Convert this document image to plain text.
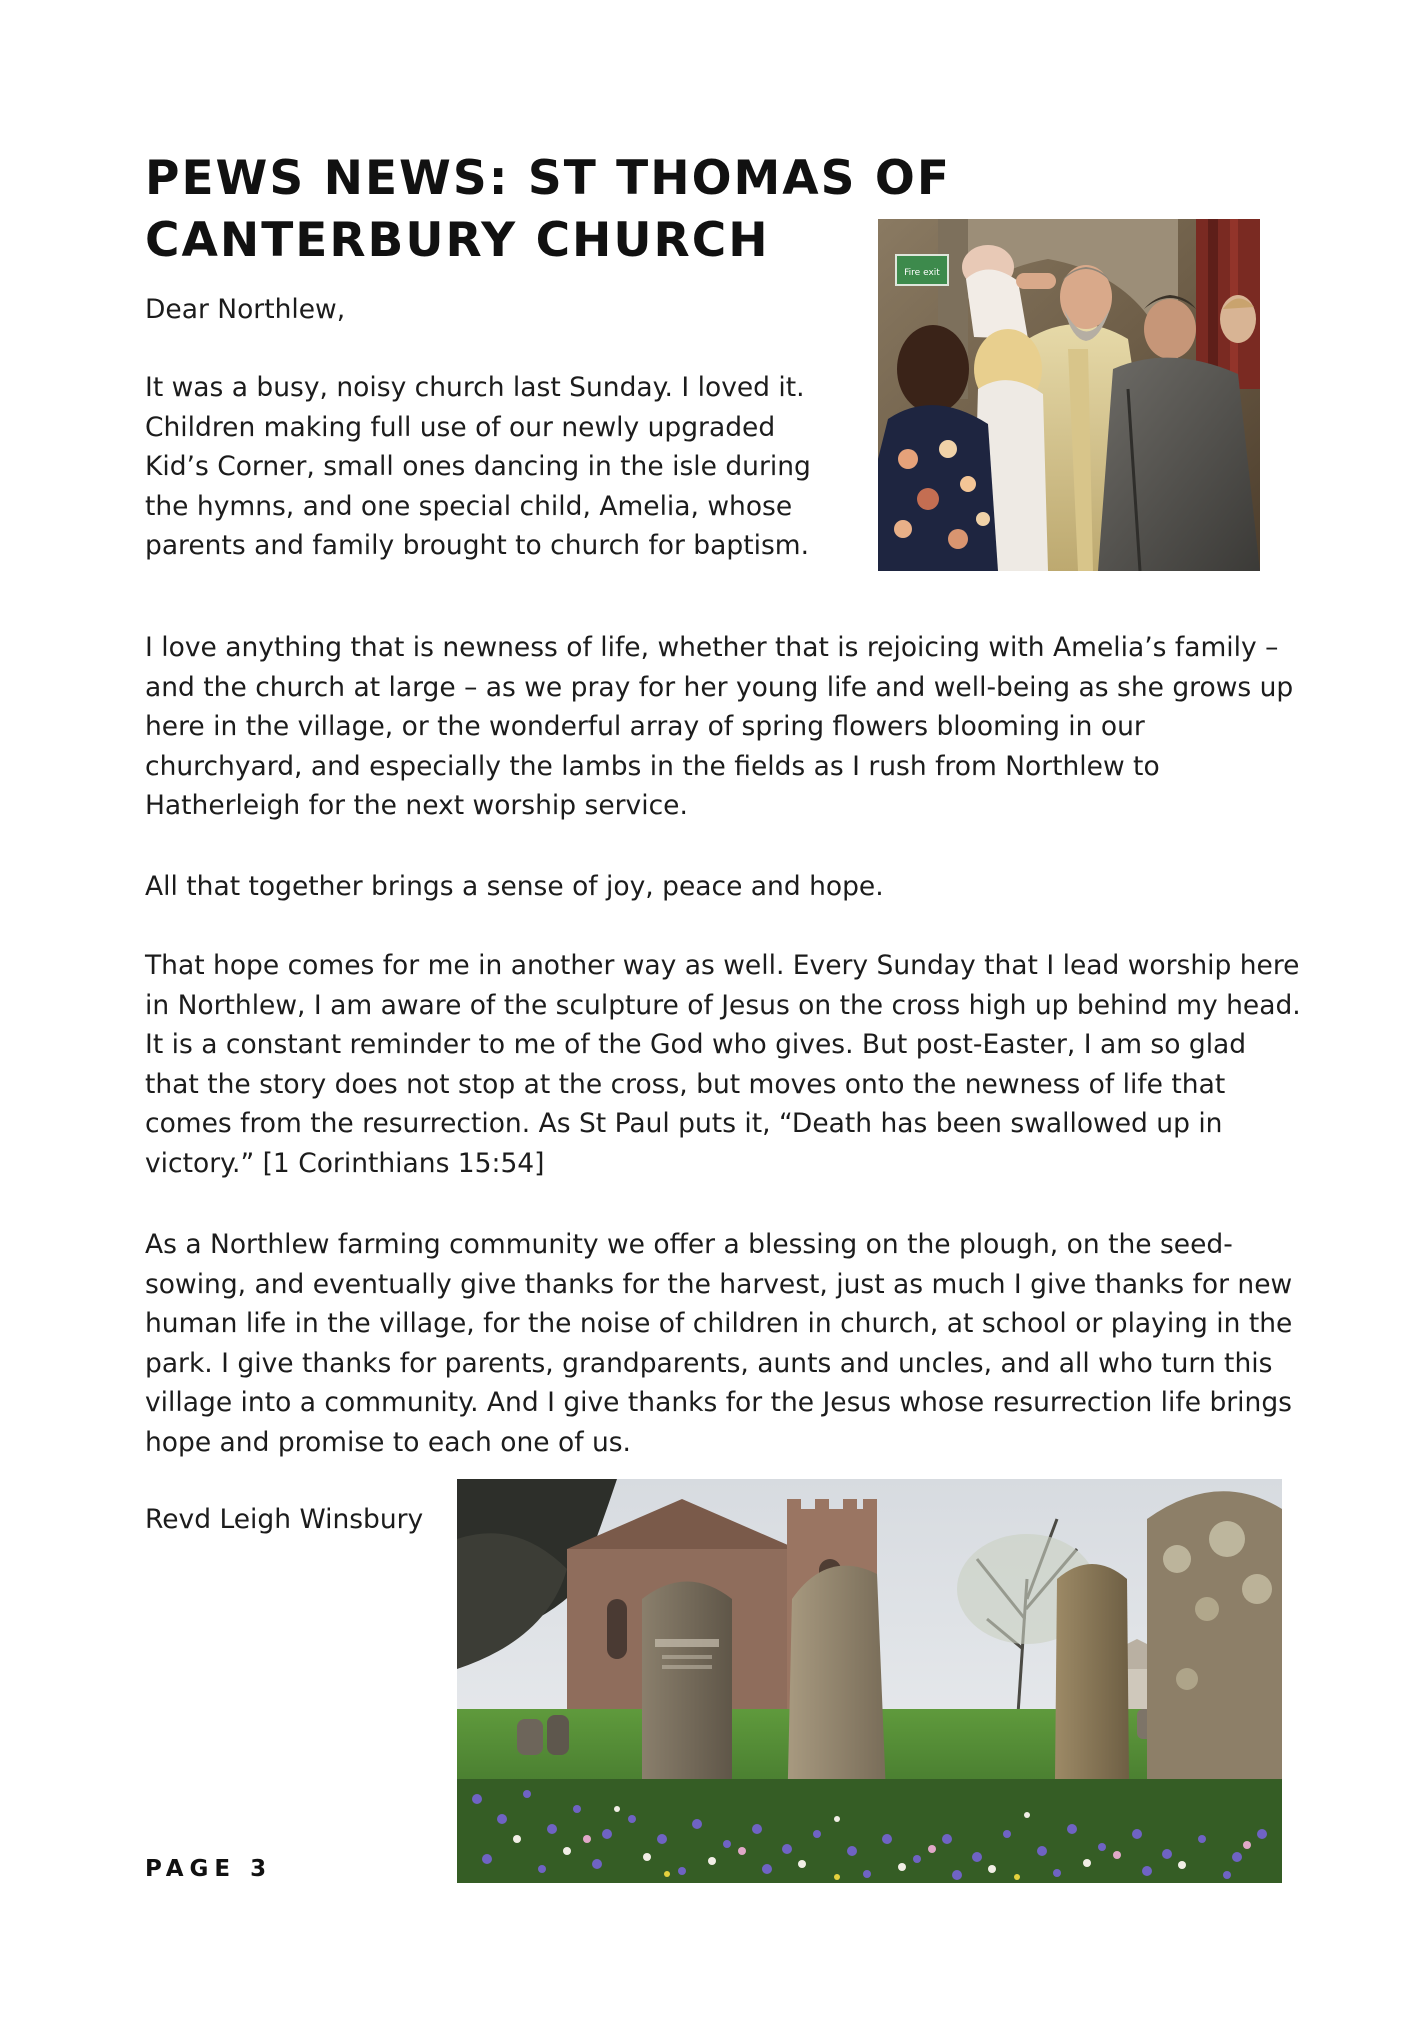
PEWS NEWS: ST THOMAS OF CANTERBURY CHURCH
Fire exit

Dear Northlew,

It was a busy, noisy church last Sunday. I loved it. Children making full use of our newly upgraded Kid’s Corner, small ones dancing in the isle during the hymns, and one special child, Amelia, whose parents and family brought to church for baptism.

I love anything that is newness of life, whether that is rejoicing with Amelia’s family – and the church at large – as we pray for her young life and well-being as she grows up here in the village, or the wonderful array of spring flowers blooming in our churchyard, and especially the lambs in the fields as I rush from Northlew to Hatherleigh for the next worship service.

All that together brings a sense of joy, peace and hope.

That hope comes for me in another way as well. Every Sunday that I lead worship here in Northlew, I am aware of the sculpture of Jesus on the cross high up behind my head. It is a constant reminder to me of the God who gives. But post-Easter, I am so glad that the story does not stop at the cross, but moves onto the newness of life that comes from the resurrection. As St Paul puts it, “Death has been swallowed up in victory.” [1 Corinthians 15:54]

As a Northlew farming community we offer a blessing on the plough, on the seed-sowing, and eventually give thanks for the harvest, just as much I give thanks for new human life in the village, for the noise of children in church, at school or playing in the park. I give thanks for parents, grandparents, aunts and uncles, and all who turn this village into a community. And I give thanks for the Jesus whose resurrection life brings hope and promise to each one of us.

Revd Leigh Winsbury

PAGE 3
